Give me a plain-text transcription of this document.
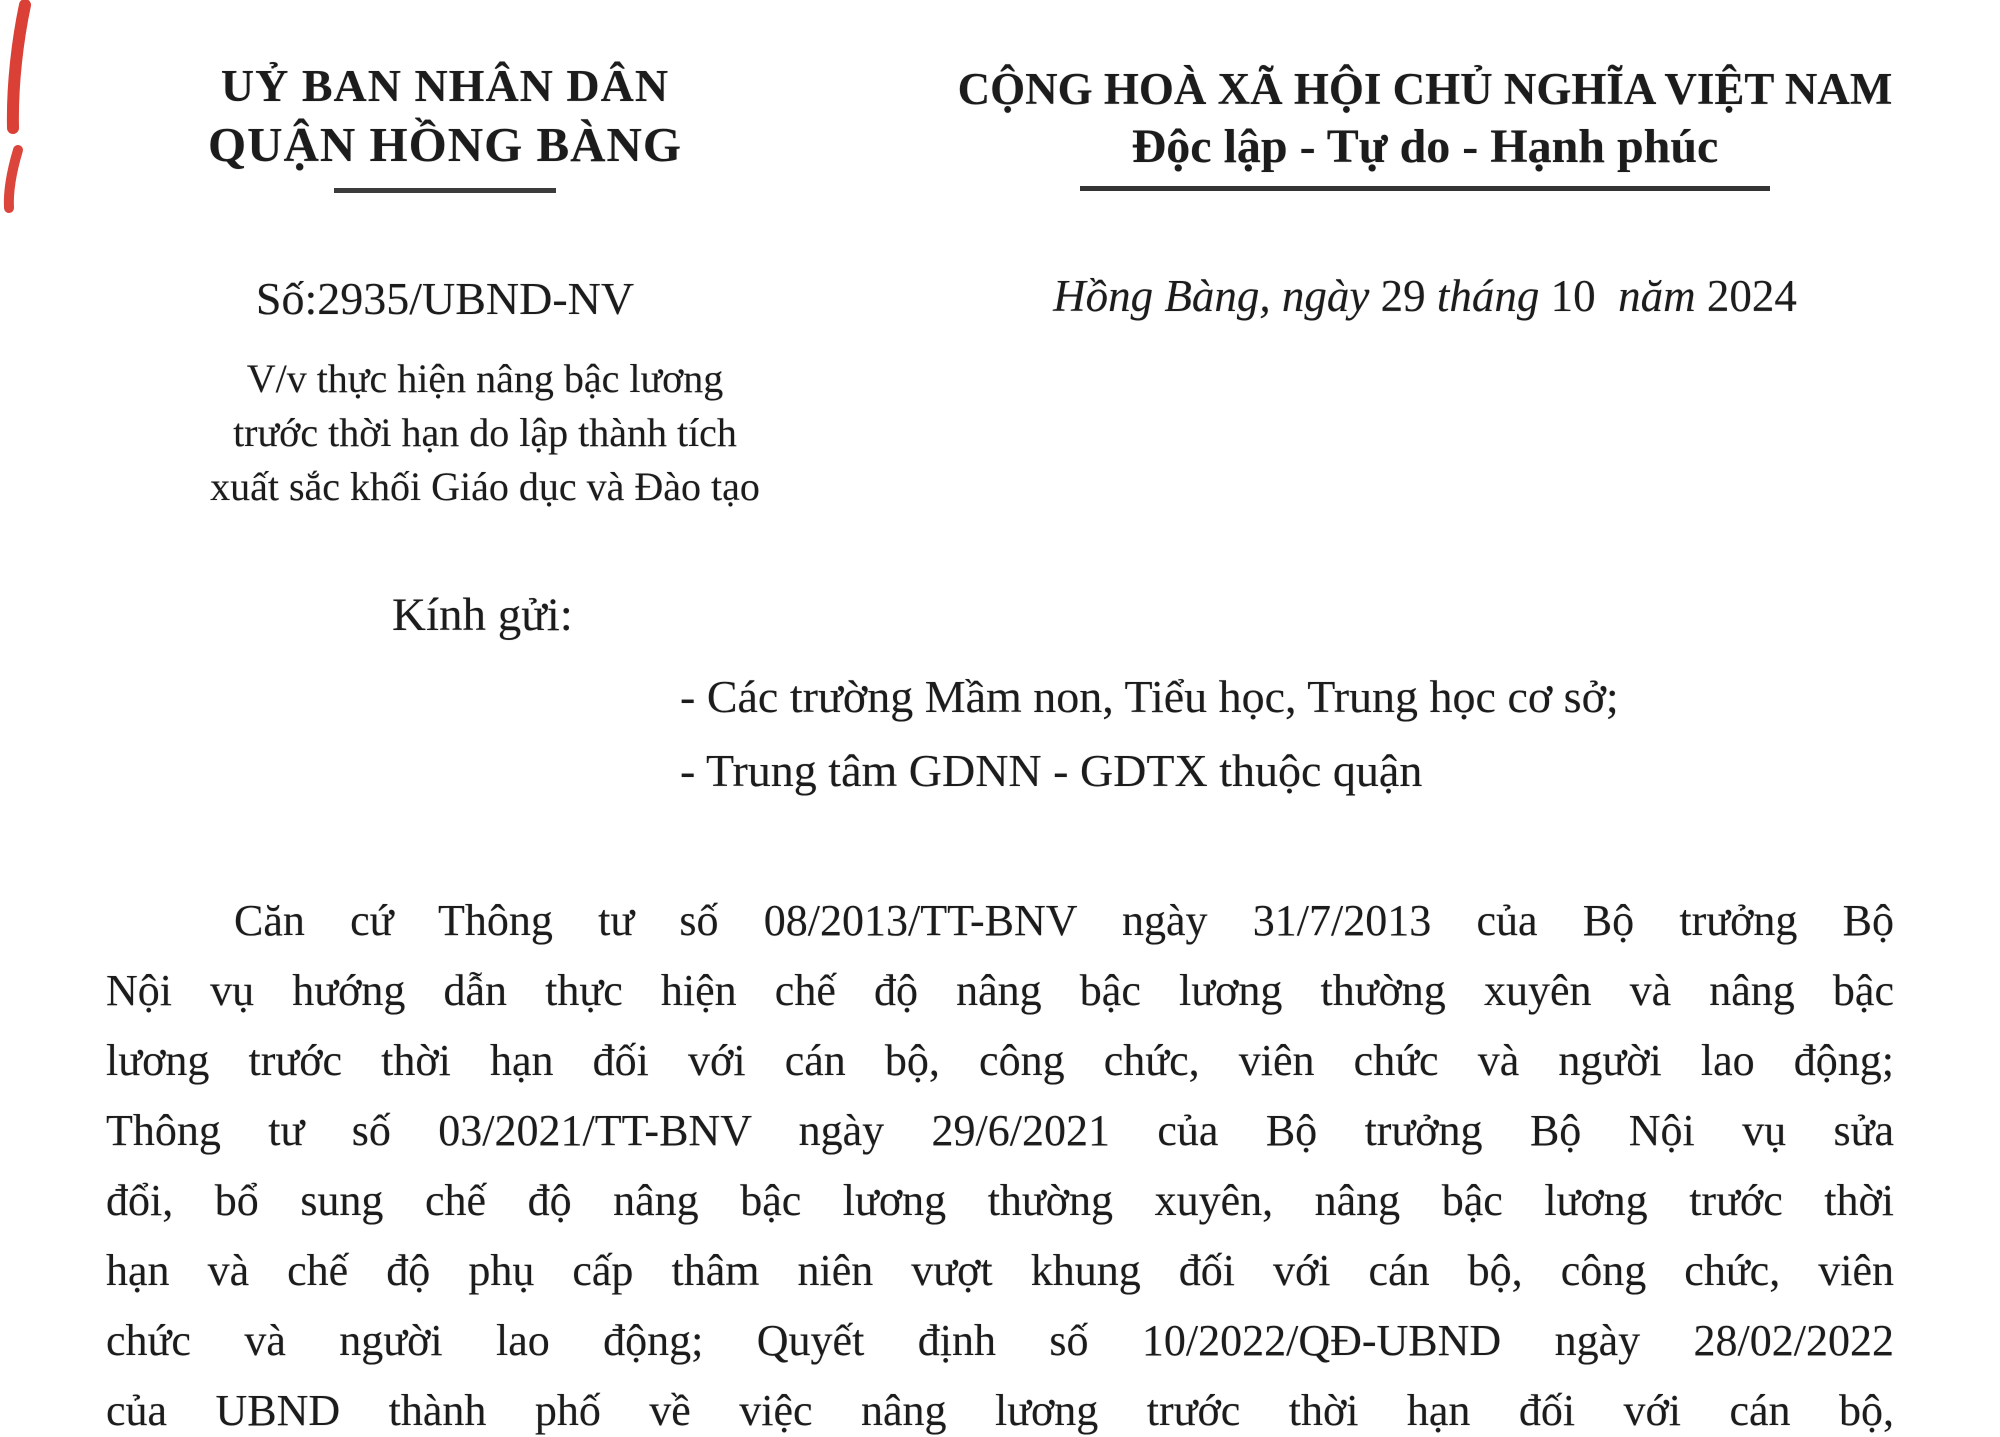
UỶ BAN NHÂN DÂN
QUẬN HỒNG BÀNG
CỘNG HOÀ XÃ HỘI CHỦ NGHĨA VIỆT NAM
Độc lập - Tự do - Hạnh phúc
Số:2935/UBND-NV	Hồng Bàng, ngày 29 tháng 10  năm 2024
V/v thực hiện nâng bậc lương
trước thời hạn do lập thành tích
xuất sắc khối Giáo dục và Đào tạo
Kính gửi:
- Các trường Mầm non, Tiểu học, Trung học cơ sở;
- Trung tâm GDNN - GDTX thuộc quận
Căn cứ Thông tư số 08/2013/TT-BNV ngày 31/7/2013 của Bộ trưởng Bộ
Nội vụ hướng dẫn thực hiện chế độ nâng bậc lương thường xuyên và nâng bậc
lương trước thời hạn đối với cán bộ, công chức, viên chức và người lao động;
Thông tư số 03/2021/TT-BNV ngày 29/6/2021 của Bộ trưởng Bộ Nội vụ sửa
đổi, bổ sung chế độ nâng bậc lương thường xuyên, nâng bậc lương trước thời
hạn và chế độ phụ cấp thâm niên vượt khung đối với cán bộ, công chức, viên
chức và người lao động; Quyết định số 10/2022/QĐ-UBND ngày 28/02/2022
của UBND thành phố về việc nâng lương trước thời hạn đối với cán bộ,
